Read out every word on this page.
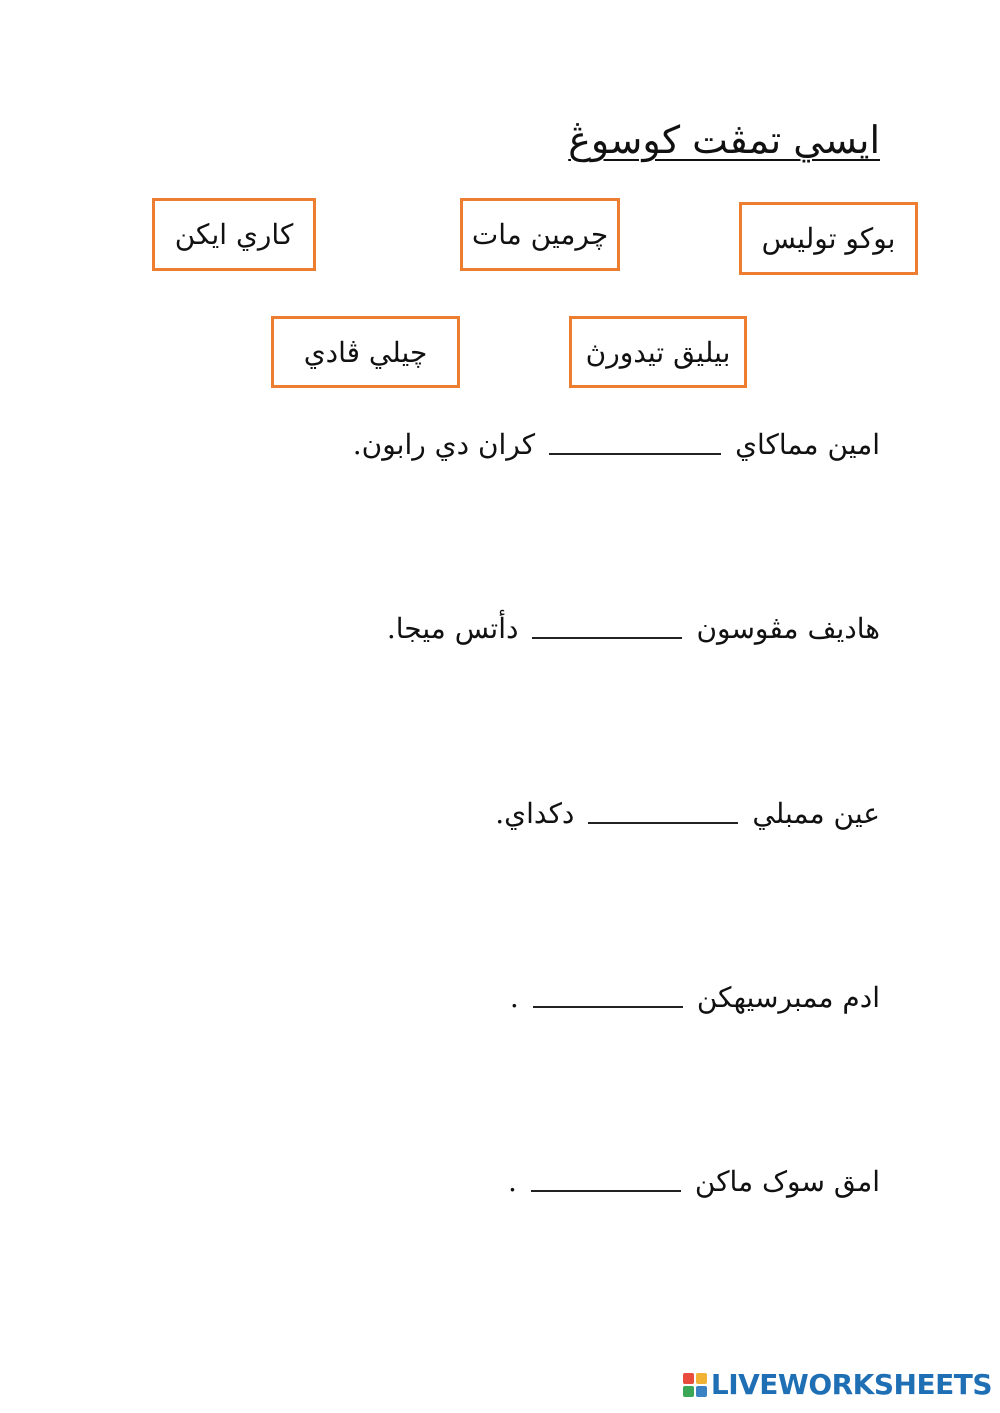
ايسي تمڤت كوسوڠ
بوكو توليس
چرمين مات
كاري ايكن
بيليق تيدورڽ
چيلي ڤادي
امين مماكاي
كران دي رابون.
هاديف مڤوسون
دأتس ميجا.
عين ممبلي
دكداي.
ادم ممبرسيهكن
.
امق سوک ماكن
.
LIVEWORKSHEETS
